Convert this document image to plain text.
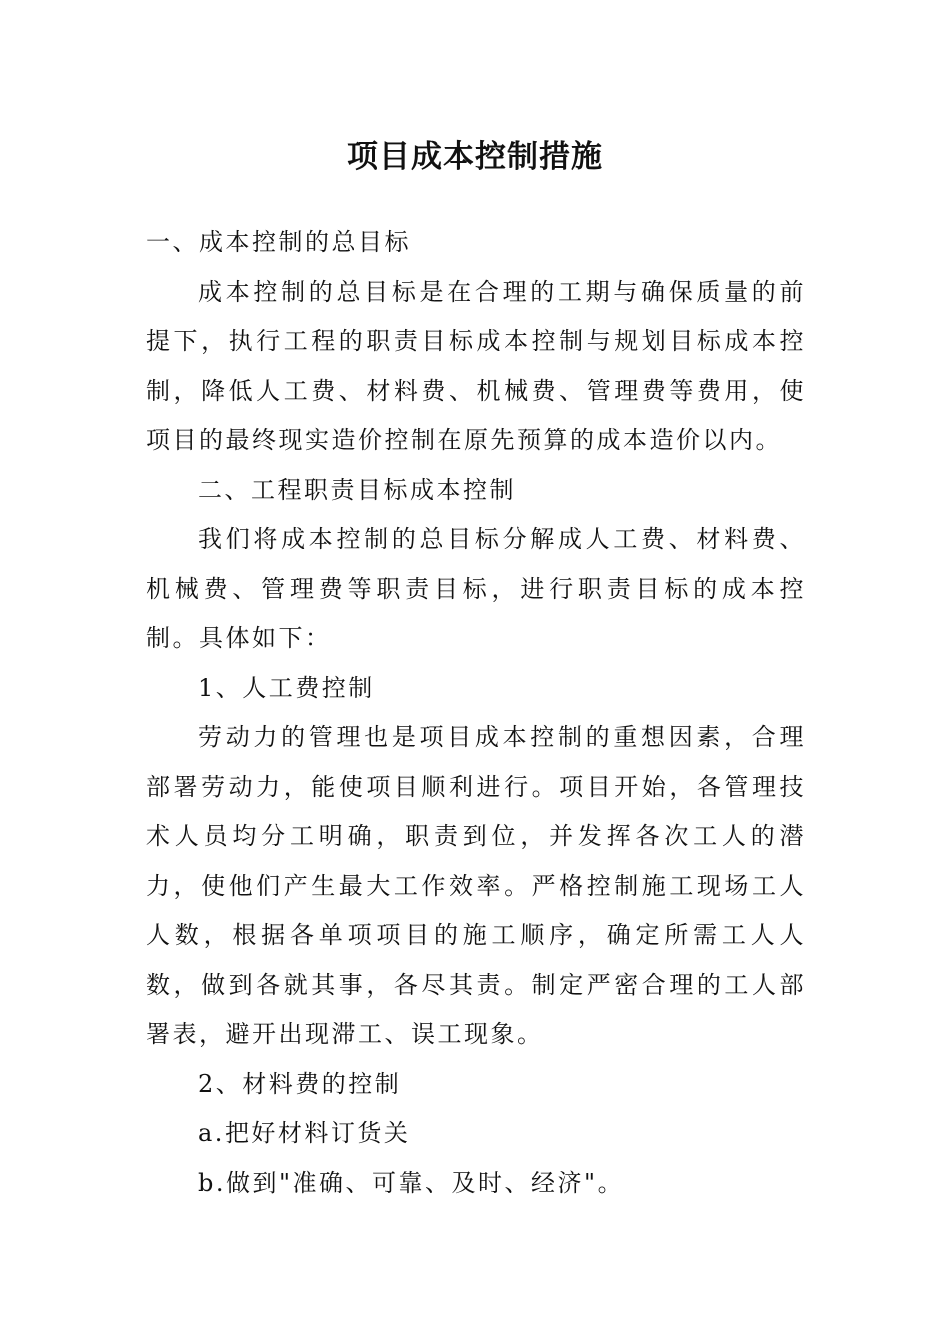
项目成本控制措施

一、成本控制的总目标

成本控制的总目标是在合理的工期与确保质量的前提下，执行工程的职责目标成本控制与规划目标成本控制，降低人工费、材料费、机械费、管理费等费用，使项目的最终现实造价控制在原先预算的成本造价以内。

二、工程职责目标成本控制

我们将成本控制的总目标分解成人工费、材料费、机械费、管理费等职责目标，进行职责目标的成本控制。具体如下：

1、人工费控制

劳动力的管理也是项目成本控制的重想因素，合理部署劳动力，能使项目顺利进行。项目开始，各管理技术人员均分工明确，职责到位，并发挥各次工人的潜力，使他们产生最大工作效率。严格控制施工现场工人人数，根据各单项项目的施工顺序，确定所需工人人数，做到各就其事，各尽其责。制定严密合理的工人部署表，避开出现滞工、误工现象。

2、材料费的控制

a.把好材料订货关

b.做到"准确、可靠、及时、经济"。
